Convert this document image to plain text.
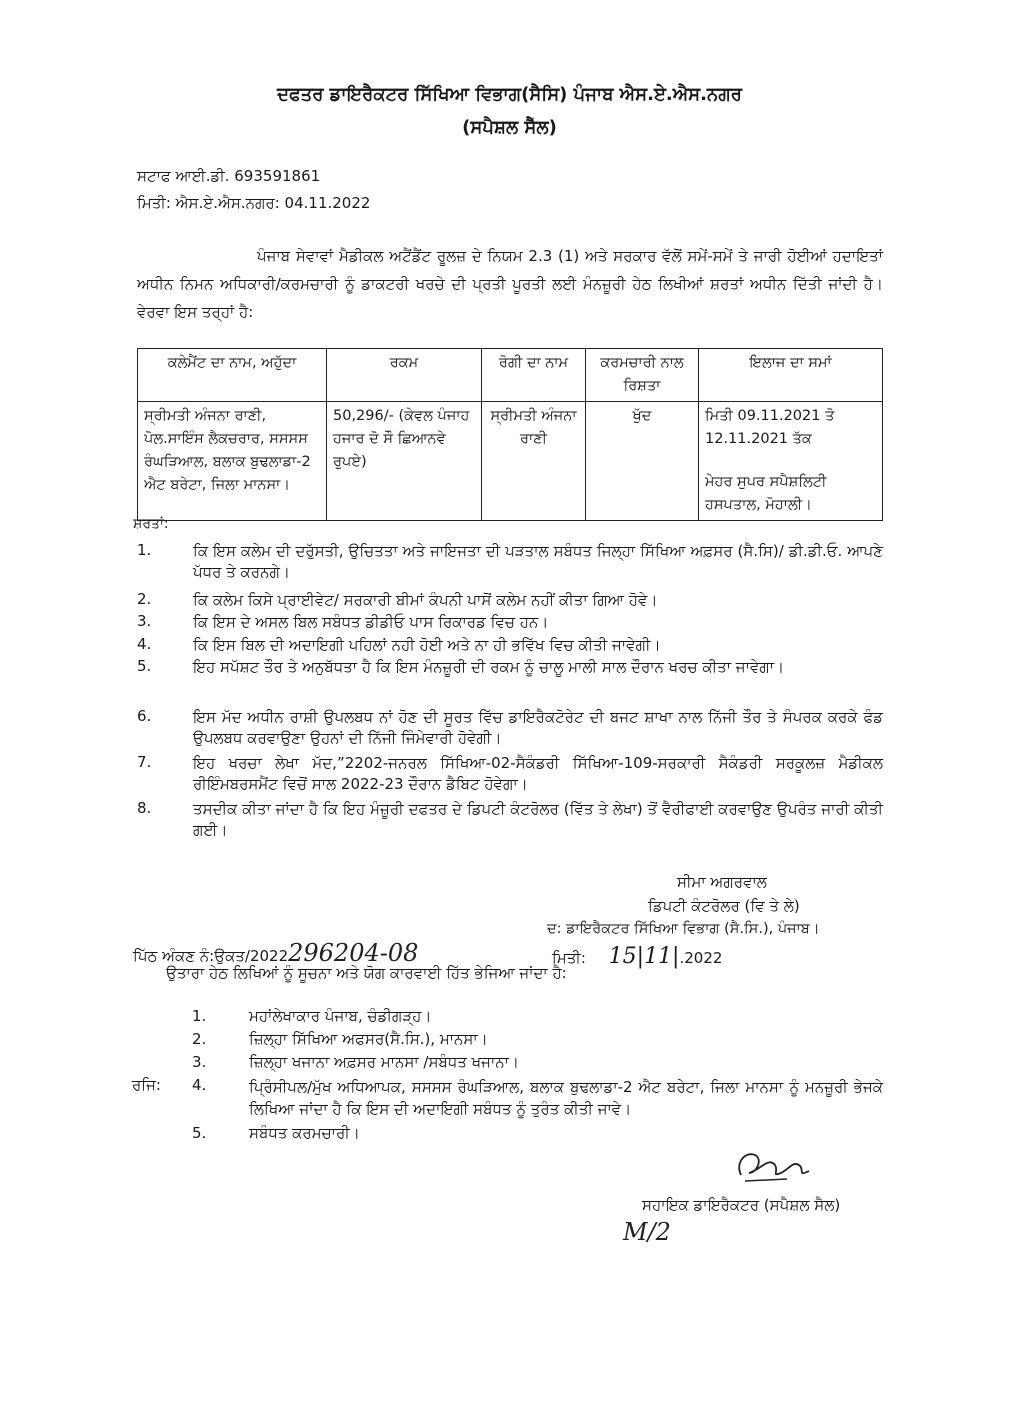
ਦਫਤਰ ਡਾਇਰੈਕਟਰ ਸਿੱਖਿਆ ਵਿਭਾਗ(ਸੈਸਿ) ਪੰਜਾਬ ਐਸ.ਏ.ਐਸ.ਨਗਰ
(ਸਪੈਸ਼ਲ ਸੈੱਲ)
ਸਟਾਫ ਆਈ.ਡੀ. 693591861
ਮਿਤੀ: ਐਸ.ਏ.ਐਸ.ਨਗਰ: 04.11.2022
ਪੰਜਾਬ ਸੇਵਾਵਾਂ ਮੈਡੀਕਲ ਅਟੈਂਡੈਂਟ ਰੂਲਜ਼ ਦੇ ਨਿਯਮ 2.3 (1) ਅਤੇ ਸਰਕਾਰ ਵੱਲੋਂ ਸਮੇਂ-ਸਮੇਂ ਤੇ ਜਾਰੀ ਹੋਈਆਂ ਹਦਾਇਤਾਂ ਅਧੀਨ ਨਿਮਨ ਅਧਿਕਾਰੀ/ਕਰਮਚਾਰੀ ਨੂੰ ਡਾਕਟਰੀ ਖਰਚੇ ਦੀ ਪ੍ਰਤੀ ਪੂਰਤੀ ਲਈ ਮੰਨਜ਼ੂਰੀ ਹੇਠ ਲਿਖੀਆਂ ਸ਼ਰਤਾਂ ਅਧੀਨ ਦਿੱਤੀ ਜਾਂਦੀ ਹੈ। ਵੇਰਵਾ ਇਸ ਤਰ੍ਹਾਂ ਹੈ:
ਕਲੇਮੈਂਟ ਦਾ ਨਾਮ, ਅਹੁੱਦਾ	ਰਕਮ	ਰੋਗੀ ਦਾ ਨਾਮ	ਕਰਮਚਾਰੀ ਨਾਲ ਰਿਸ਼ਤਾ	ਇਲਾਜ ਦਾ ਸਮਾਂ
ਸ੍ਰੀਮਤੀ ਅੰਜਨਾ ਰਾਣੀ, ਪੋਲ.ਸਾਇੰਸ ਲੈਕਚਰਾਰ, ਸਸਸਸ ਰੰਘੜਿਆਲ, ਬਲਾਕ ਬੁਢਲਾਡਾ-2 ਐਟ ਬਰੇਟਾ, ਜਿਲਾ ਮਾਨਸਾ।	50,296/- (ਕੇਵਲ ਪੰਜਾਹ ਹਜਾਰ ਦੋ ਸੌ ਛਿਆਨਵੇ ਰੁਪਏ)	ਸ੍ਰੀਮਤੀ ਅੰਜਨਾ ਰਾਣੀ	ਖੁੱਦ	ਮਿਤੀ 09.11.2021 ਤੋ 12.11.2021 ਤੱਕ
ਮੇਹਰ ਸੁਪਰ ਸਪੈਸ਼ਲਿਟੀ ਹਸਪਤਾਲ, ਮੋਹਾਲੀ।
ਸ਼ਰਤਾਂ:
1.	ਕਿ ਇਸ ਕਲੇਮ ਦੀ ਦਰੁੱਸਤੀ, ਉਚਿਤਤਾ ਅਤੇ ਜਾਇਜਤਾ ਦੀ ਪੜਤਾਲ ਸਬੰਧਤ ਜਿਲ੍ਹਾ ਸਿੱਖਿਆ ਅਫ਼ਸਰ (ਸੈ.ਸਿ)/ ਡੀ.ਡੀ.ਓ. ਆਪਣੇ ਪੱਧਰ ਤੇ ਕਰਨਗੇ।
2.	ਕਿ ਕਲੇਮ ਕਿਸੇ ਪ੍ਰਾਈਵੇਟ/ ਸਰਕਾਰੀ ਬੀਮਾਂ ਕੰਪਨੀ ਪਾਸੋਂ ਕਲੇਮ ਨਹੀਂ ਕੀਤਾ ਗਿਆ ਹੋਵੇ।
3.	ਕਿ ਇਸ ਦੇ ਅਸਲ ਬਿਲ ਸਬੰਧਤ ਡੀਡੀਓ ਪਾਸ ਰਿਕਾਰਡ ਵਿਚ ਹਨ।
4.	ਕਿ ਇਸ ਬਿਲ ਦੀ ਅਦਾਇਗੀ ਪਹਿਲਾਂ ਨਹੀ ਹੋਈ ਅਤੇ ਨਾ ਹੀ ਭਵਿੱਖ ਵਿਚ ਕੀਤੀ ਜਾਵੇਗੀ।
5.	ਇਹ ਸਪੱਸ਼ਟ ਤੌਰ ਤੇ ਅਨੁਬੱਧਤਾ ਹੈ ਕਿ ਇਸ ਮੰਨਜ਼ੂਰੀ ਦੀ ਰਕਮ ਨੂੰ ਚਾਲੂ ਮਾਲੀ ਸਾਲ ਦੌਰਾਨ ਖਰਚ ਕੀਤਾ ਜਾਵੇਗਾ।
6.	ਇਸ ਮੱਦ ਅਧੀਨ ਰਾਸ਼ੀ ਉਪਲਬਧ ਨਾਂ ਹੋਣ ਦੀ ਸੂਰਤ ਵਿੱਚ ਡਾਇਰੈਕਟੋਰੇਟ ਦੀ ਬਜਟ ਸ਼ਾਖਾ ਨਾਲ ਨਿੱਜੀ ਤੌਰ ਤੇ ਸੰਪਰਕ ਕਰਕੇ ਫੰਡ ਉਪਲਬਧ ਕਰਵਾਉਣਾ ਉਹਨਾਂ ਦੀ ਨਿੱਜੀ ਜਿੰਮੇਵਾਰੀ ਹੋਵੇਗੀ।
7.	ਇਹ ਖਰਚਾ ਲੇਖਾ ਮੱਦ,”2202-ਜਨਰਲ ਸਿੱਖਿਆ-02-ਸੈਕੰਡਰੀ ਸਿੱਖਿਆ-109-ਸਰਕਾਰੀ ਸੈਕੰਡਰੀ ਸਰਕੂਲਜ਼ ਮੈਡੀਕਲ ਰੀਇੰਮਬਰਸਮੈਂਟ ਵਿਚੋਂ ਸਾਲ 2022-23 ਦੌਰਾਨ ਡੈਬਿਟ ਹੋਵੇਗਾ।
8.	ਤਸਦੀਕ ਕੀਤਾ ਜਾਂਦਾ ਹੈ ਕਿ ਇਹ ਮੰਜ਼ੂਰੀ ਦਫਤਰ ਦੇ ਡਿਪਟੀ ਕੰਟਰੋਲਰ (ਵਿੱਤ ਤੇ ਲੇਖਾ) ਤੋਂ ਵੈਰੀਫਾਈ ਕਰਵਾਉਣ ਉਪਰੰਤ ਜਾਰੀ ਕੀਤੀ ਗਈ।
ਸੀਮਾ ਅਗਰਵਾਲ
ਡਿਪਟੀ ਕੰਟਰੋਲਰ (ਵਿ ਤੇ ਲੇ)
ਦ: ਡਾਇਰੈਕਟਰ ਸਿੱਖਿਆ ਵਿਭਾਗ (ਸੈ.ਸਿ.), ਪੰਜਾਬ।
ਪਿੱਠ ਅੰਕਣ ਨੰ:ਉਕਤ/2022296204-08	ਮਿਤੀ: 15|11|.2022
ਉਤਾਰਾ ਹੇਠ ਲਿਖਿਆਂ ਨੂੰ ਸੂਚਨਾ ਅਤੇ ਯੋਗ ਕਾਰਵਾਈ ਹਿੱਤ ਭੇਜਿਆ ਜਾਂਦਾ ਹੈ:
1.	ਮਹਾਂਲੇਖਾਕਾਰ ਪੰਜਾਬ, ਚੰਡੀਗੜ੍ਹ।
2.	ਜ਼ਿਲ੍ਹਾ ਸਿੱਖਿਆ ਅਫਸਰ(ਸੈ.ਸਿ.), ਮਾਨਸਾ।
3.	ਜ਼ਿਲ੍ਹਾ ਖਜਾਨਾ ਅਫ਼ਸਰ ਮਾਨਸਾ /ਸਬੰਧਤ ਖਜਾਨਾ।
ਰਜਿ: 4.	ਪ੍ਰਿੰਸੀਪਲ/ਮੁੱਖ ਅਧਿਆਪਕ, ਸਸਸਸ ਰੰਘੜਿਆਲ, ਬਲਾਕ ਬੁਢਲਾਡਾ-2 ਐਟ ਬਰੇਟਾ, ਜਿਲਾ ਮਾਨਸਾ ਨੂੰ ਮਨਜ਼ੂਰੀ ਭੇਜਕੇ ਲਿਖਿਆ ਜਾਂਦਾ ਹੈ ਕਿ ਇਸ ਦੀ ਅਦਾਇਗੀ ਸਬੰਧਤ ਨੂੰ ਤੁਰੰਤ ਕੀਤੀ ਜਾਵੇ।
5.	ਸਬੰਧਤ ਕਰਮਚਾਰੀ।
ਸਹਾਇਕ ਡਾਇਰੈਕਟਰ (ਸਪੈਸ਼ਲ ਸੈਲ)
M/2
